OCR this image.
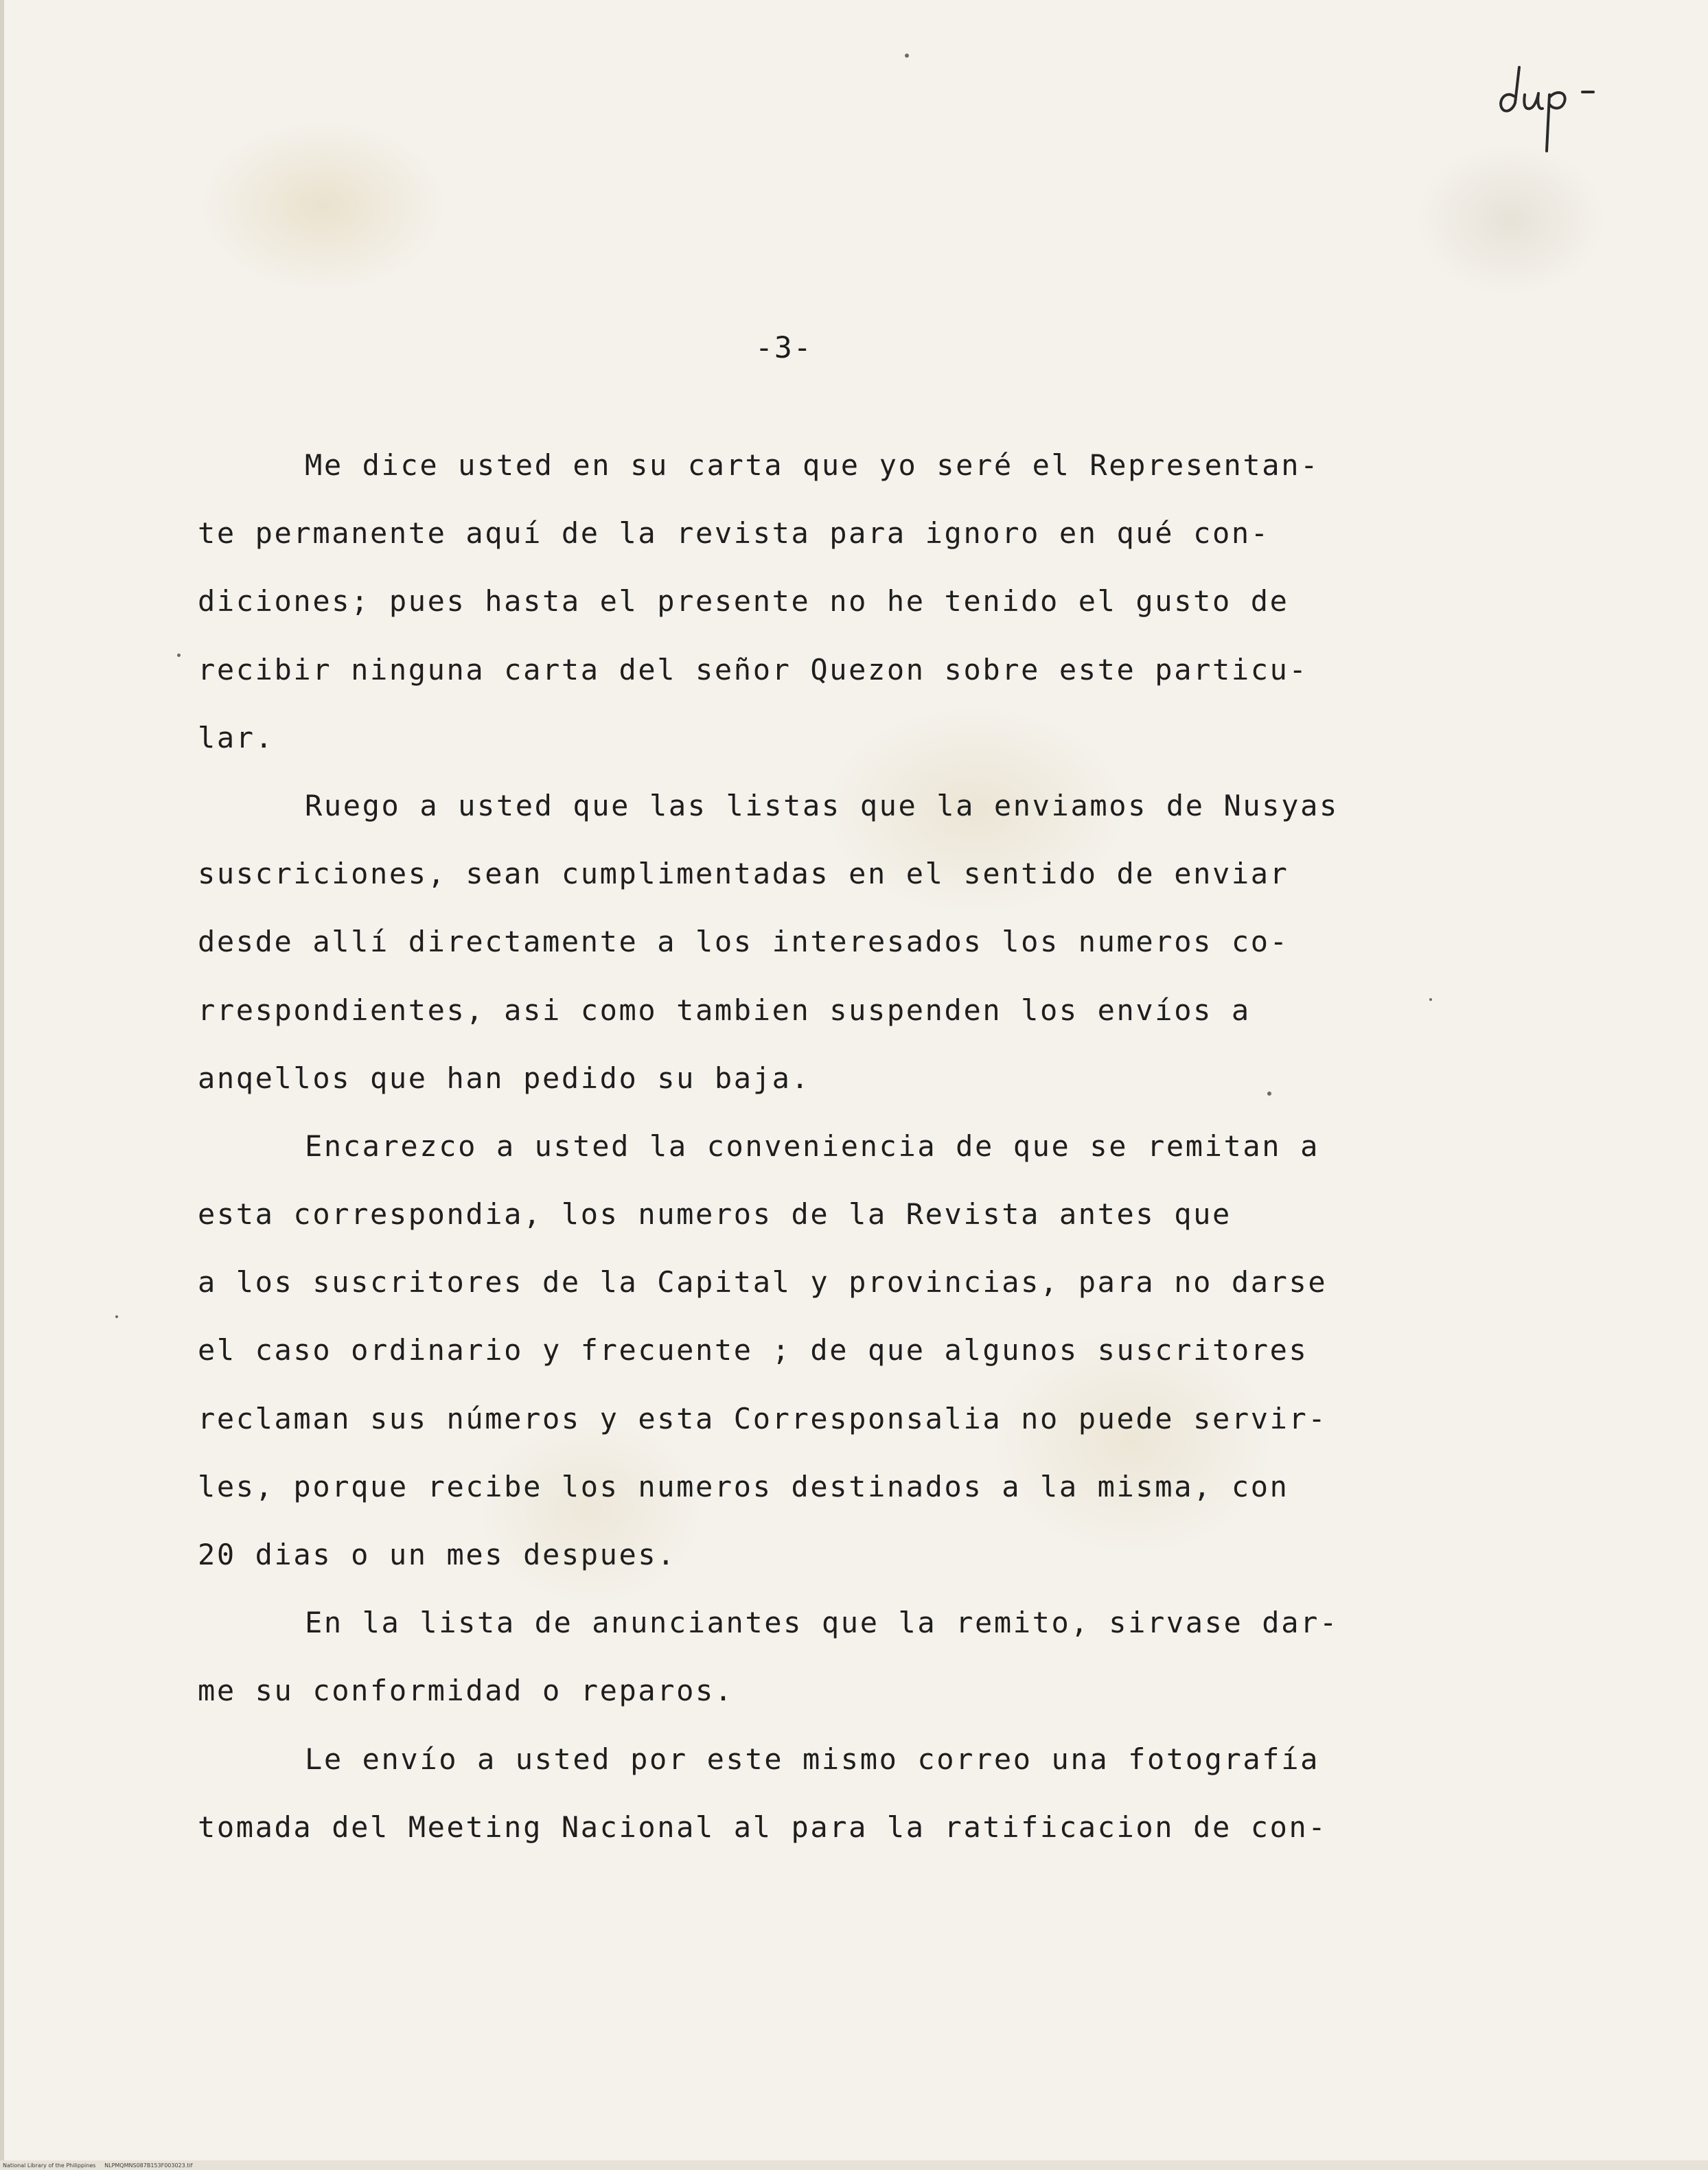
-3-
Me dice usted en su carta que yo seré el Representan-
te permanente aquí de la revista para ignoro en qué con-
diciones; pues hasta el presente no he tenido el gusto de
recibir ninguna carta del señor Quezon sobre este particu-
lar.
Ruego a usted que las listas que la enviamos de Nusyas
suscriciones, sean cumplimentadas en el sentido de enviar
desde allí directamente a los interesados los numeros co-
rrespondientes, asi como tambien suspenden los envíos a
anqellos que han pedido su baja.
Encarezco a usted la conveniencia de que se remitan a
esta correspondia, los numeros de la Revista antes que
a los suscritores de la Capital y provincias, para no darse
el caso ordinario y frecuente ; de que algunos suscritores
reclaman sus números y esta Corresponsalia no puede servir-
les, porque recibe los numeros destinados a la misma, con
20 dias o un mes despues.
En la lista de anunciantes que la remito, sirvase dar-
me su conformidad o reparos.
Le envío a usted por este mismo correo una fotografía
tomada del Meeting Nacional al para la ratificacion de con-
National Library of the Philippines NLPMQMNS087B153F003023.tif
